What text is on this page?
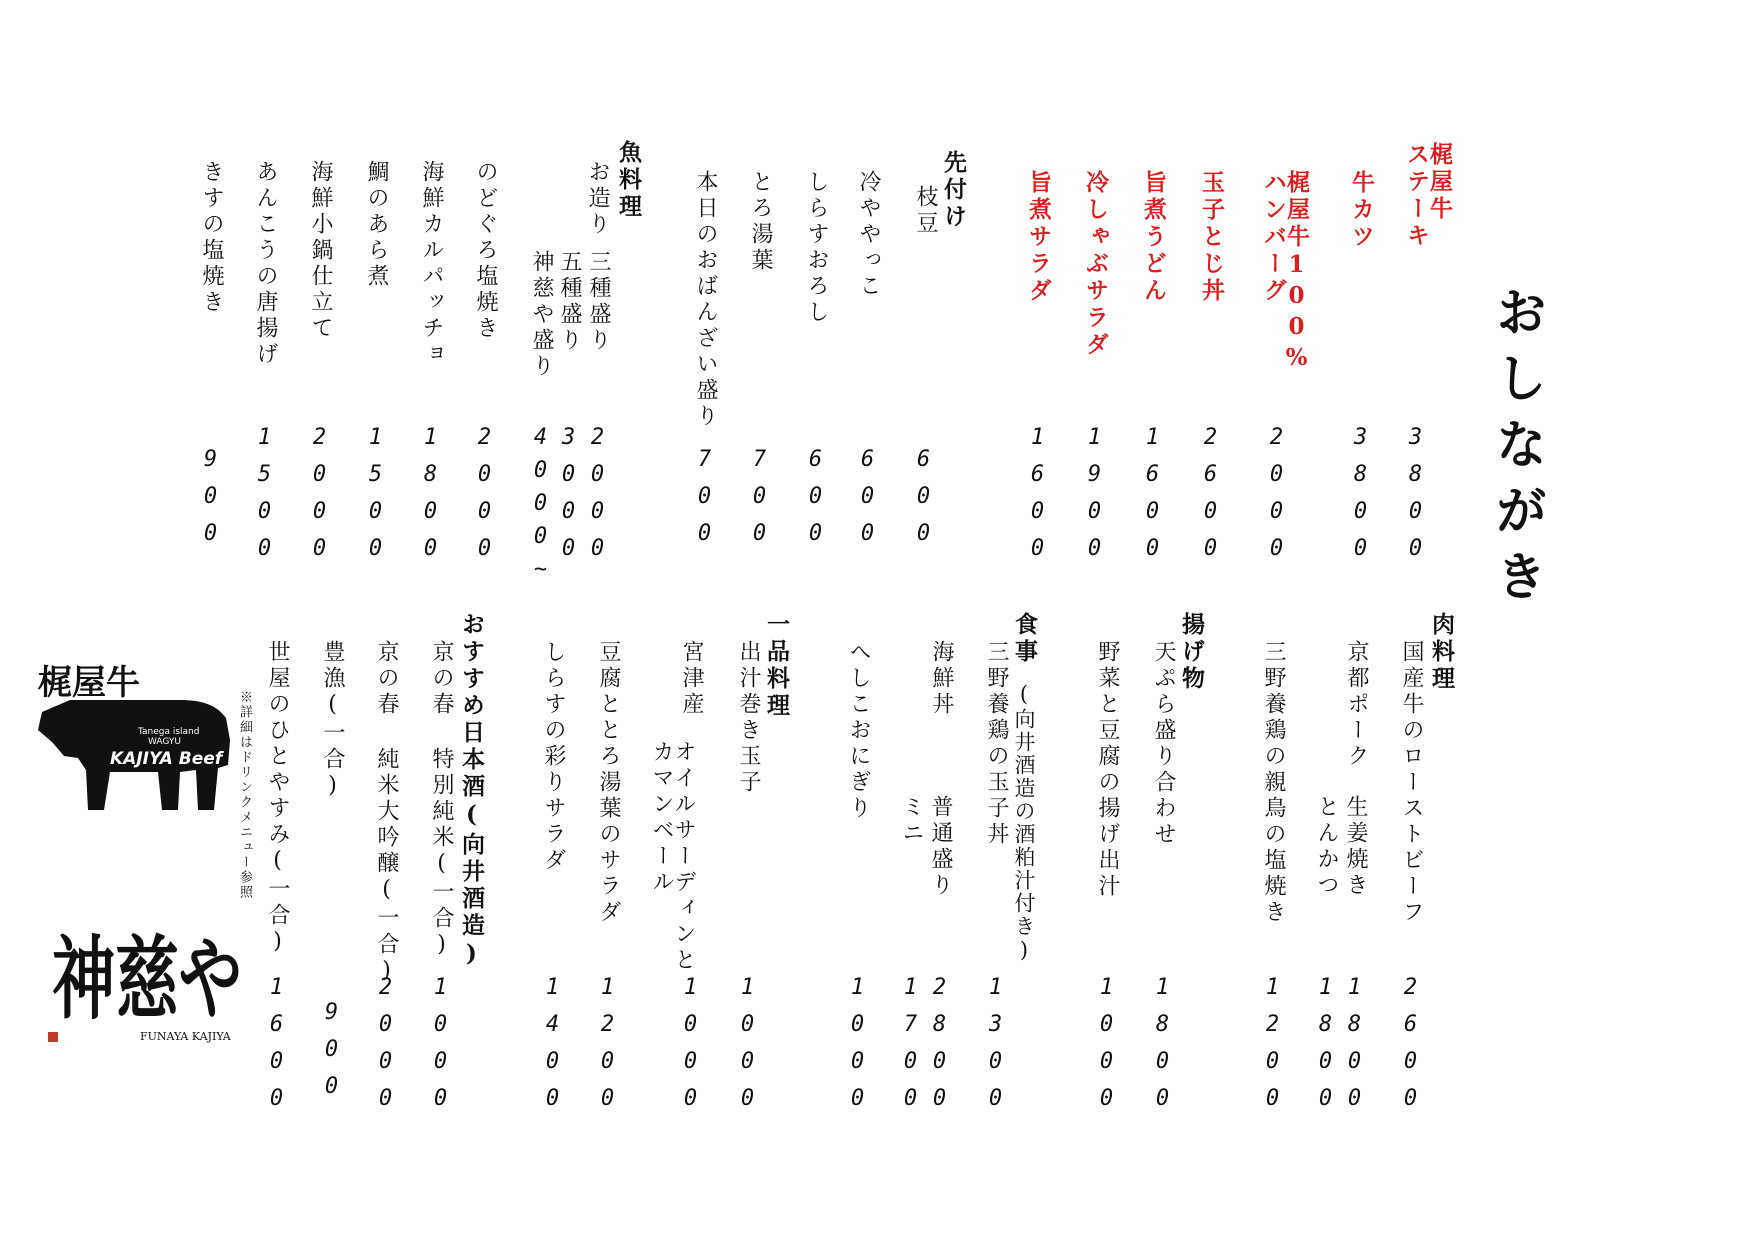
おしながき
梶屋牛
ステーキ
3800
牛カツ
3800
梶屋牛100%
ハンバーグ
2000
玉子とじ丼
2600
旨煮うどん
1600
冷しゃぶサラダ
1900
旨煮サラダ
1600
先付け
枝豆
600
冷ややっこ
600
しらすおろし
600
とろ湯葉
700
本日のおばんざい盛り
700
魚料理
お造り
三種盛り
2000
五種盛り
3000
神慈や盛り
4000~
のどぐろ塩焼き
2000
海鮮カルパッチョ
1800
鯛のあら煮
1500
海鮮小鍋仕立て
2000
あんこうの唐揚げ
1500
きすの塩焼き
900
肉料理
国産牛のローストビーフ
2600
京都ポーク
生姜焼き
1800
とんかつ
1800
三野養鶏の親鳥の塩焼き
1200
揚げ物
天ぷら盛り合わせ
1800
野菜と豆腐の揚げ出汁
1000
食事
(向井酒造の酒粕汁付き)
三野養鶏の玉子丼
1300
海鮮丼
普通盛り
2800
ミニ
1700
へしこおにぎり
1000
一品料理
出汁巻き玉子
1000
宮津産
オイルサーディンと
カマンベール
1000
豆腐ととろ湯葉のサラダ
1200
しらすの彩りサラダ
1400
おすすめ日本酒(向井酒造)
京の春 特別純米(一合)
1000
京の春 純米大吟醸(一合)
2000
豊漁(一合)
900
世屋のひとやすみ(一合)
1600
※詳細はドリンクメニュー参照
梶屋牛
Tanega island
WAGYU
KAJIYA Beef
神慈や
FUNAYA KAJIYA
